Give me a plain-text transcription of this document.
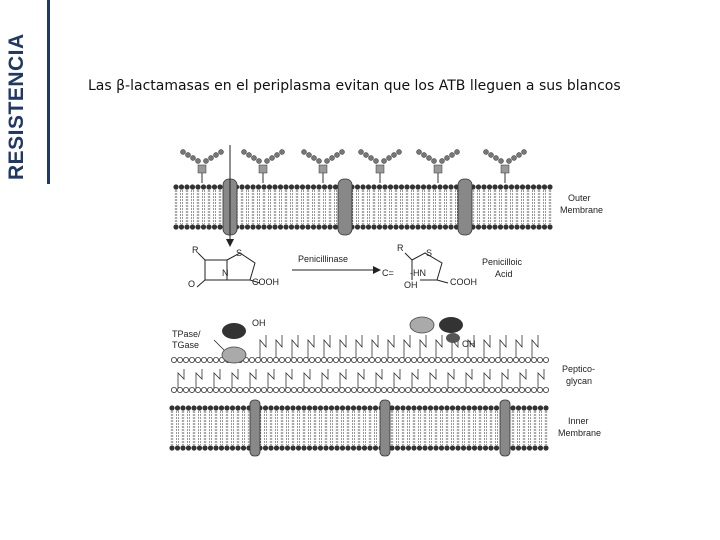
RESISTENCIA	Las β-lactamasas en el periplasma evitan que los ATB lleguen a sus blancos
R	S
N
O	COOH
Penicillinase
R	S
C= -HN
OH	COOH
Outer
Membrane
Penicilloic
Acid
Peptico-
glycan
Inner
Membrane
TPase/
TGase
OH
OH
